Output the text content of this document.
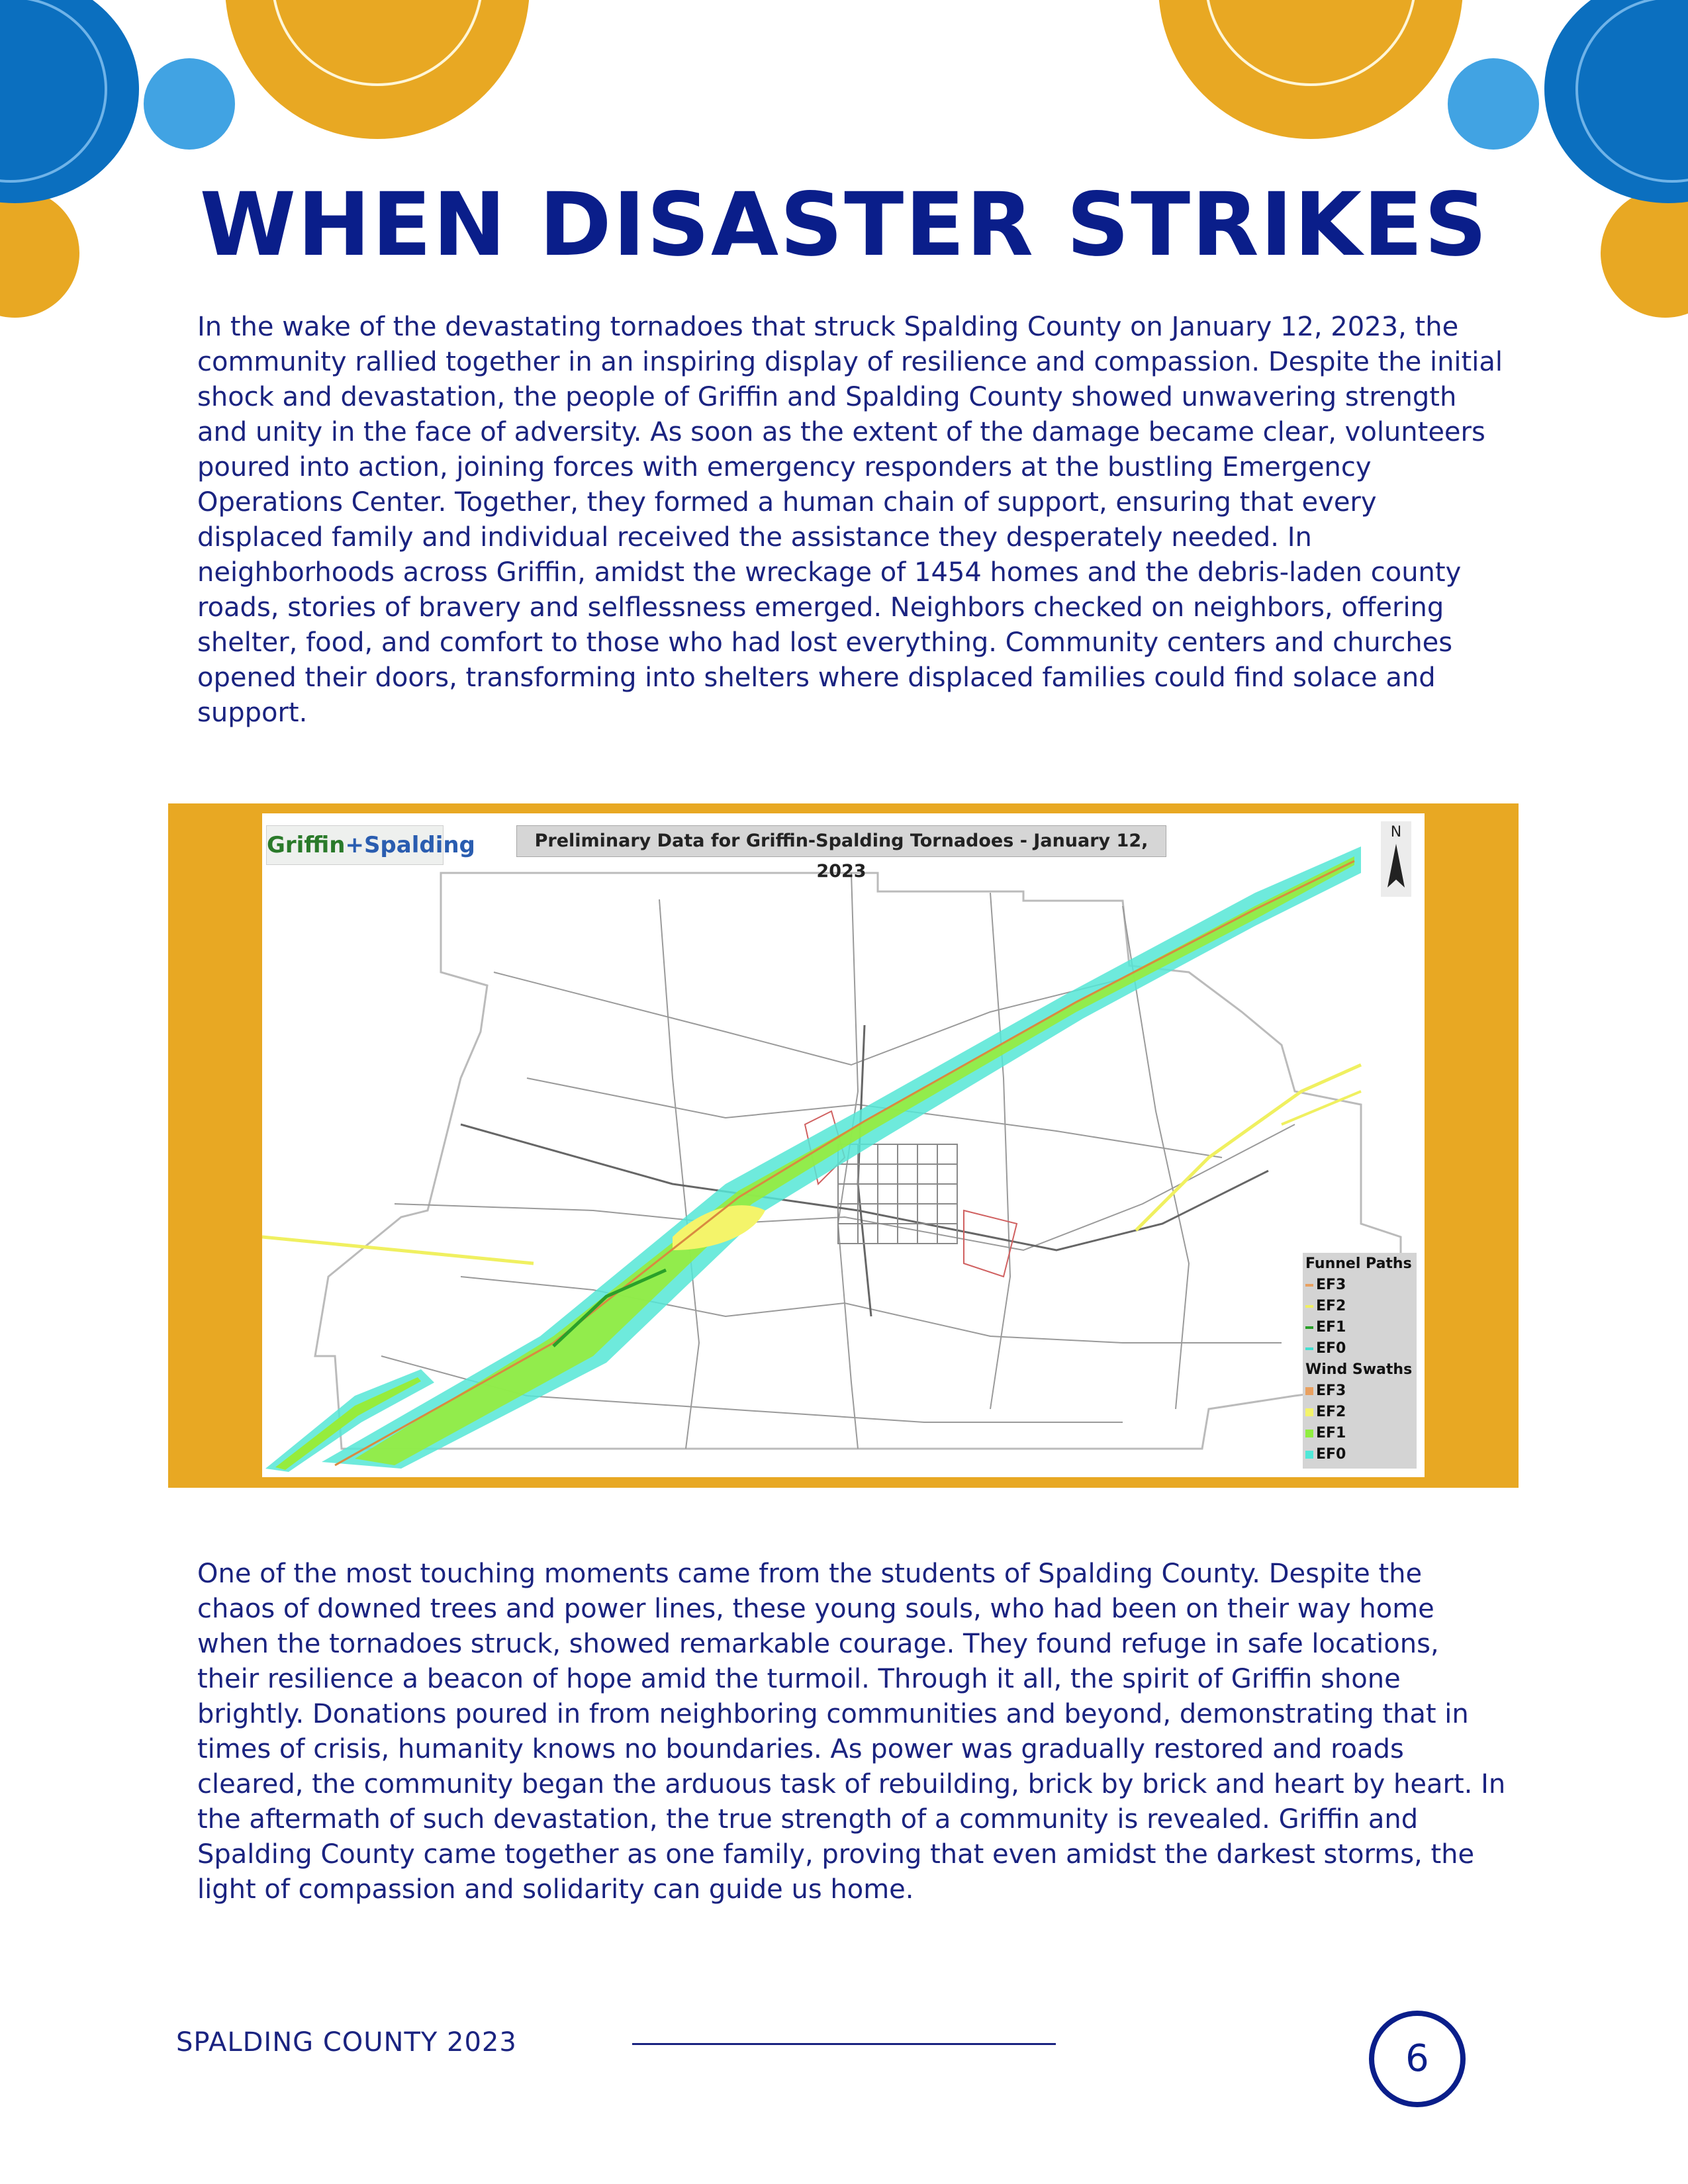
WHEN DISASTER STRIKES

In the wake of the devastating tornadoes that struck Spalding County on January 12, 2023, the community rallied together in an inspiring display of resilience and compassion. Despite the initial shock and devastation, the people of Griffin and Spalding County showed unwavering strength and unity in the face of adversity. As soon as the extent of the damage became clear, volunteers poured into action, joining forces with emergency responders at the bustling Emergency Operations Center. Together, they formed a human chain of support, ensuring that every displaced family and individual received the assistance they desperately needed. In neighborhoods across Griffin, amidst the wreckage of 1454 homes and the debris-laden county roads, stories of bravery and selflessness emerged. Neighbors checked on neighbors, offering shelter, food, and comfort to those who had lost everything. Community centers and churches opened their doors, transforming into shelters where displaced families could find solace and support.

Griffin+Spalding	Preliminary Data for Griffin-Spalding Tornadoes - January 12, 2023
N
Funnel Paths
EF3
EF2
EF1
EF0
Wind Swaths
EF3
EF2
EF1
EF0

One of the most touching moments came from the students of Spalding County. Despite the chaos of downed trees and power lines, these young souls, who had been on their way home when the tornadoes struck, showed remarkable courage. They found refuge in safe locations, their resilience a beacon of hope amid the turmoil. Through it all, the spirit of Griffin shone brightly. Donations poured in from neighboring communities and beyond, demonstrating that in times of crisis, humanity knows no boundaries. As power was gradually restored and roads cleared, the community began the arduous task of rebuilding, brick by brick and heart by heart. In the aftermath of such devastation, the true strength of a community is revealed. Griffin and Spalding County came together as one family, proving that even amidst the darkest storms, the light of compassion and solidarity can guide us home.

SPALDING COUNTY 2023	6
